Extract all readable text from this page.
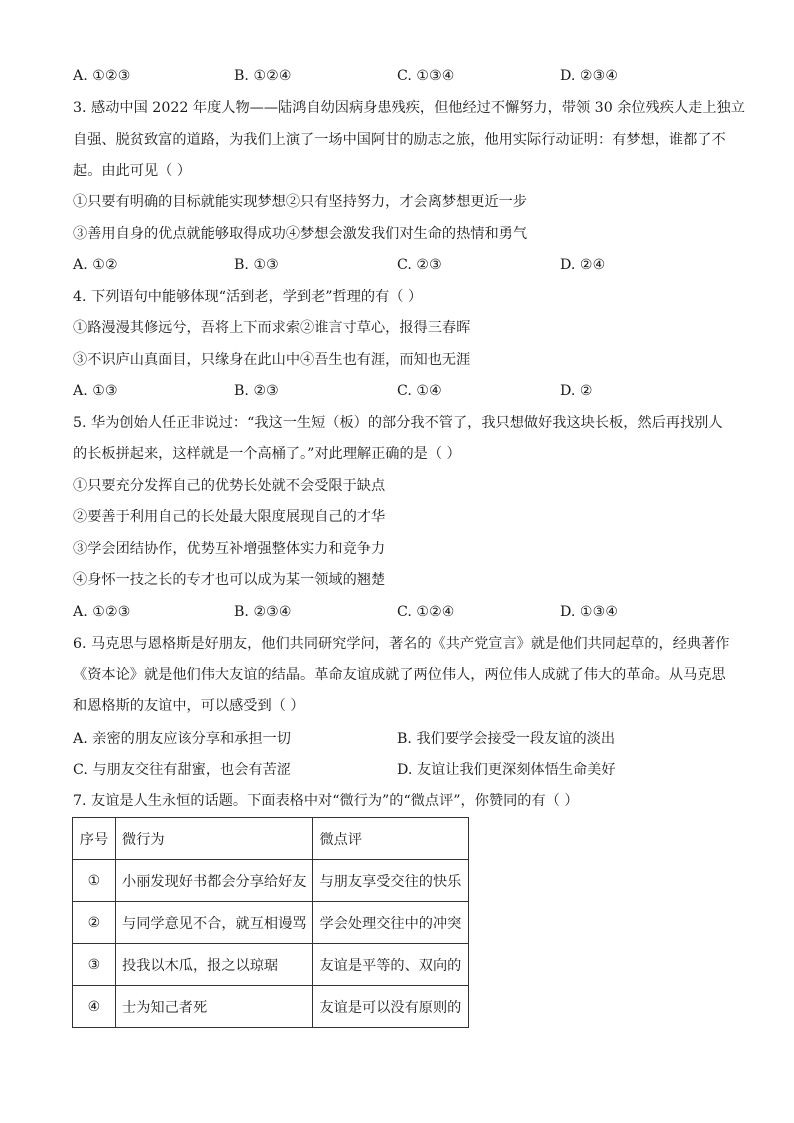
A. ①②③	B. ①②④	C. ①③④	D. ②③④
3. 感动中国 2022 年度人物——陆鸿自幼因病身患残疾，但他经过不懈努力，带领 30 余位残疾人走上独立
自强、脱贫致富的道路，为我们上演了一场中国阿甘的励志之旅，他用实际行动证明：有梦想，谁都了不
起。由此可见（ ）
①只要有明确的目标就能实现梦想②只有坚持努力，才会离梦想更近一步
③善用自身的优点就能够取得成功④梦想会激发我们对生命的热情和勇气
A. ①②	B. ①③	C. ②③	D. ②④
4. 下列语句中能够体现“活到老，学到老”哲理的有（ ）
①路漫漫其修远兮，吾将上下而求索②谁言寸草心，报得三春晖
③不识庐山真面目，只缘身在此山中④吾生也有涯，而知也无涯
A. ①③	B. ②③	C. ①④	D. ②
5. 华为创始人任正非说过：“我这一生短（板）的部分我不管了，我只想做好我这块长板，然后再找别人
的长板拼起来，这样就是一个高桶了。”对此理解正确的是（ ）
①只要充分发挥自己的优势长处就不会受限于缺点
②要善于利用自己的长处最大限度展现自己的才华
③学会团结协作，优势互补增强整体实力和竞争力
④身怀一技之长的专才也可以成为某一领域的翘楚
A. ①②③	B. ②③④	C. ①②④	D. ①③④
6. 马克思与恩格斯是好朋友，他们共同研究学问，著名的《共产党宣言》就是他们共同起草的，经典著作
《资本论》就是他们伟大友谊的结晶。革命友谊成就了两位伟人，两位伟人成就了伟大的革命。从马克思
和恩格斯的友谊中，可以感受到（ ）
A. 亲密的朋友应该分享和承担一切	B. 我们要学会接受一段友谊的淡出
C. 与朋友交往有甜蜜，也会有苦涩	D. 友谊让我们更深刻体悟生命美好
7. 友谊是人生永恒的话题。下面表格中对“微行为”的“微点评”，你赞同的有（ ）
序号	微行为	微点评
①	小丽发现好书都会分享给好友	与朋友享受交往的快乐
②	与同学意见不合，就互相谩骂	学会处理交往中的冲突
③	投我以木瓜，报之以琼琚	友谊是平等的、双向的
④	士为知己者死	友谊是可以没有原则的
